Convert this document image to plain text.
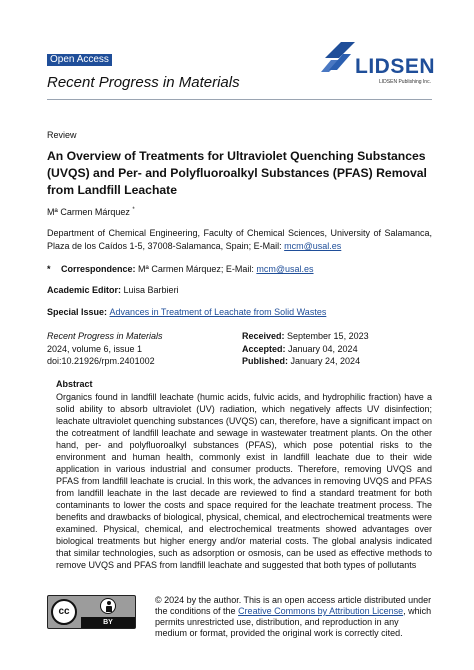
Open Access
Recent Progress in Materials
LIDSEN
LIDSEN Publishing Inc.
Review
An Overview of Treatments for Ultraviolet Quenching Substances (UVQS) and Per- and Polyfluoroalkyl Substances (PFAS) Removal from Landfill Leachate
Mª Carmen Márquez *
Department of Chemical Engineering, Faculty of Chemical Sciences, University of Salamanca, Plaza de los Caídos 1-5, 37008-Salamanca, Spain; E-Mail: mcm@usal.es
* Correspondence: Mª Carmen Márquez; E-Mail: mcm@usal.es
Academic Editor: Luisa Barbieri
Special Issue: Advances in Treatment of Leachate from Solid Wastes
Recent Progress in Materials
2024, volume 6, issue 1
doi:10.21926/rpm.2401002
Received: September 15, 2023
Accepted: January 04, 2024
Published: January 24, 2024
Abstract
Organics found in landfill leachate (humic acids, fulvic acids, and hydrophilic fraction) have a solid ability to absorb ultraviolet (UV) radiation, which negatively affects UV disinfection; leachate ultraviolet quenching substances (UVQS) can, therefore, have a significant impact on the cotreatment of landfill leachate and sewage in wastewater treatment plants. On the other hand, per- and polyfluoroalkyl substances (PFAS), which pose potential risks to the environment and human health, commonly exist in landfill leachate due to their wide application in various industrial and consumer products. Therefore, removing UVQS and PFAS from landfill leachate is crucial. In this work, the advances in removing UVQS and PFAS from landfill leachate in the last decade are reviewed to find a standard treatment for both contaminants to lower the costs and space required for the leachate treatment process. The benefits and drawbacks of biological, physical, chemical, and electrochemical treatments were examined. Physical, chemical, and electrochemical treatments showed advantages over biological treatments but higher energy and/or material costs. The global analysis indicated that similar technologies, such as adsorption or osmosis, can be used as effective methods to remove UVQS and PFAS from landfill leachate and suggested that both types of pollutants
cc
BY
© 2024 by the author. This is an open access article distributed under the conditions of the Creative Commons by Attribution License, which permits unrestricted use, distribution, and reproduction in any medium or format, provided the original work is correctly cited.
